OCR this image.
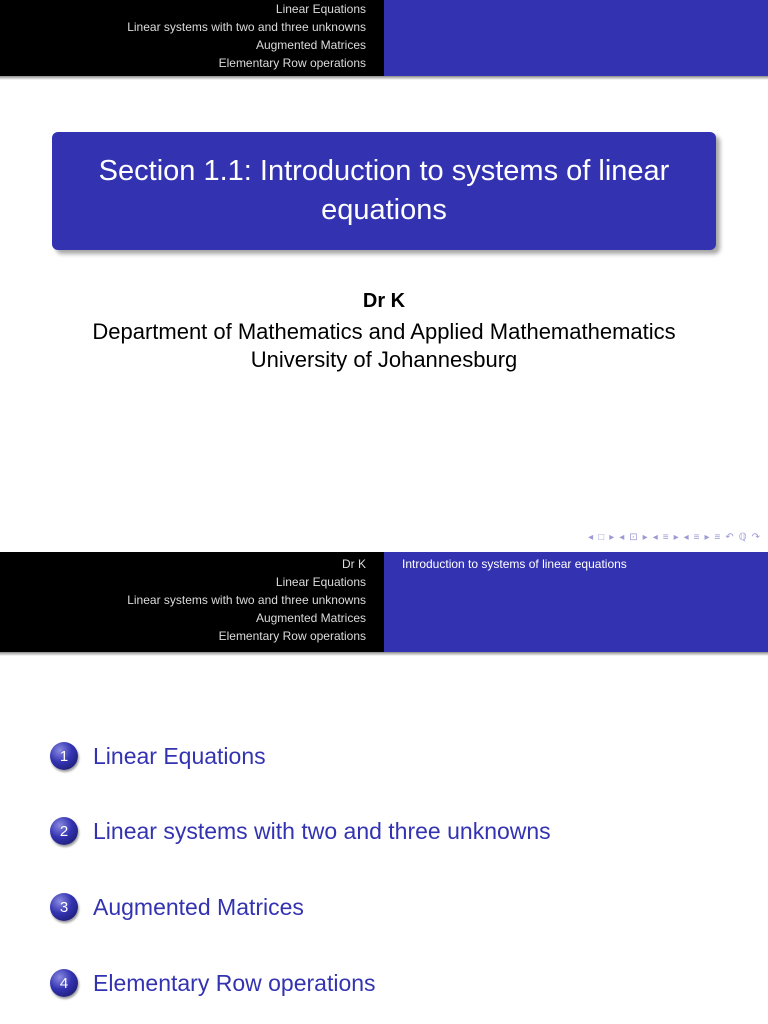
Linear Equations
Linear systems with two and three unknowns
Augmented Matrices
Elementary Row operations
Section 1.1: Introduction to systems of linear equations
Dr K
Department of Mathematics and Applied Mathemathematics
University of Johannesburg
◂ □ ▸ ◂ ⊡ ▸ ◂ ≡ ▸ ◂ ≡ ▸ ≡ ↶ ℚ ↷
Dr K
Linear Equations
Linear systems with two and three unknowns
Augmented Matrices
Elementary Row operations
Introduction to systems of linear equations
1	Linear Equations
2	Linear systems with two and three unknowns
3	Augmented Matrices
4	Elementary Row operations
